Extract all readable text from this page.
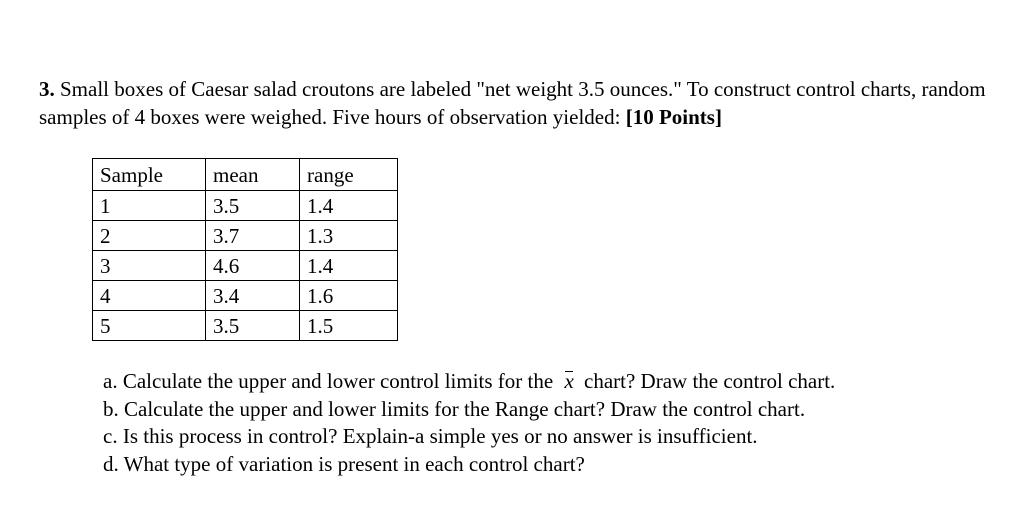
3. Small boxes of Caesar salad croutons are labeled "net weight 3.5 ounces." To construct control charts, random samples of 4 boxes were weighed. Five hours of observation yielded: [10 Points]
Sample	mean	range
1	3.5	1.4
2	3.7	1.3
3	4.6	1.4
4	3.4	1.6
5	3.5	1.5
a. Calculate the upper and lower control limits for the x chart? Draw the control chart.
b. Calculate the upper and lower limits for the Range chart? Draw the control chart.
c. Is this process in control? Explain-a simple yes or no answer is insufficient.
d. What type of variation is present in each control chart?
